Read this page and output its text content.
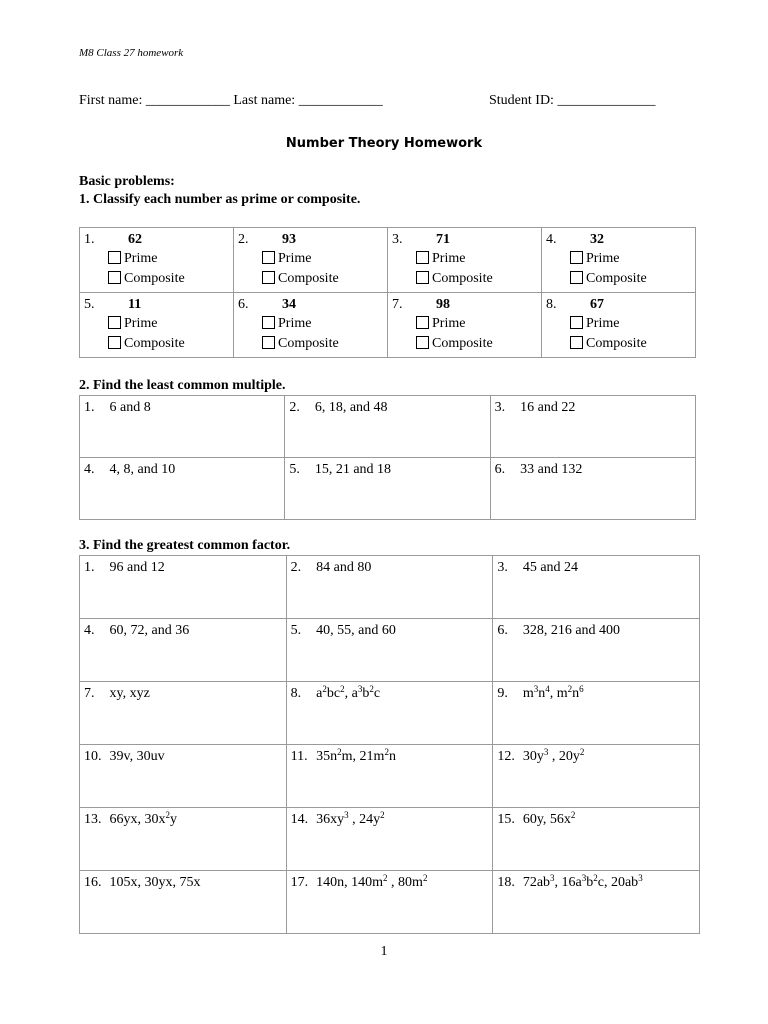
M8 Class 27 homework
First name: ____________ Last name: ____________	Student ID: ______________
Number Theory Homework
Basic problems:
1. Classify each number as prime or composite.
1. 62

Prime
Composite	2. 93

Prime
Composite	3. 71

Prime
Composite	4. 32

Prime
Composite

5. 11

Prime
Composite	6. 34

Prime
Composite	7. 98

Prime
Composite	8. 67

Prime
Composite
2. Find the least common multiple.
1. 6 and 8	2. 6, 18, and 48	3. 16 and 22
4. 4, 8, and 10	5. 15, 21 and 18	6. 33 and 132
3. Find the greatest common factor.
1. 96 and 12	2. 84 and 80	3. 45 and 24
4. 60, 72, and 36	5. 40, 55, and 60	6. 328, 216 and 400
7. xy, xyz	8. $a^2bc^2$, $a^3b^2c$	9. $m^3n^4$, $m^2n^6$
10. 39v, 30uv	11. $35n^2m$, $21m^2n$	12. $30y^3$ , $20y^2$
13. 66yx, $30x^2y$	14. $36xy^3$ , $24y^2$	15. 60y, $56x^2$
16. 105x, 30yx, 75x	17. 140n, $140m^2$ , $80m^2$	18. $72ab^3$, $16a^3b^2c$, $20ab^3$
1
